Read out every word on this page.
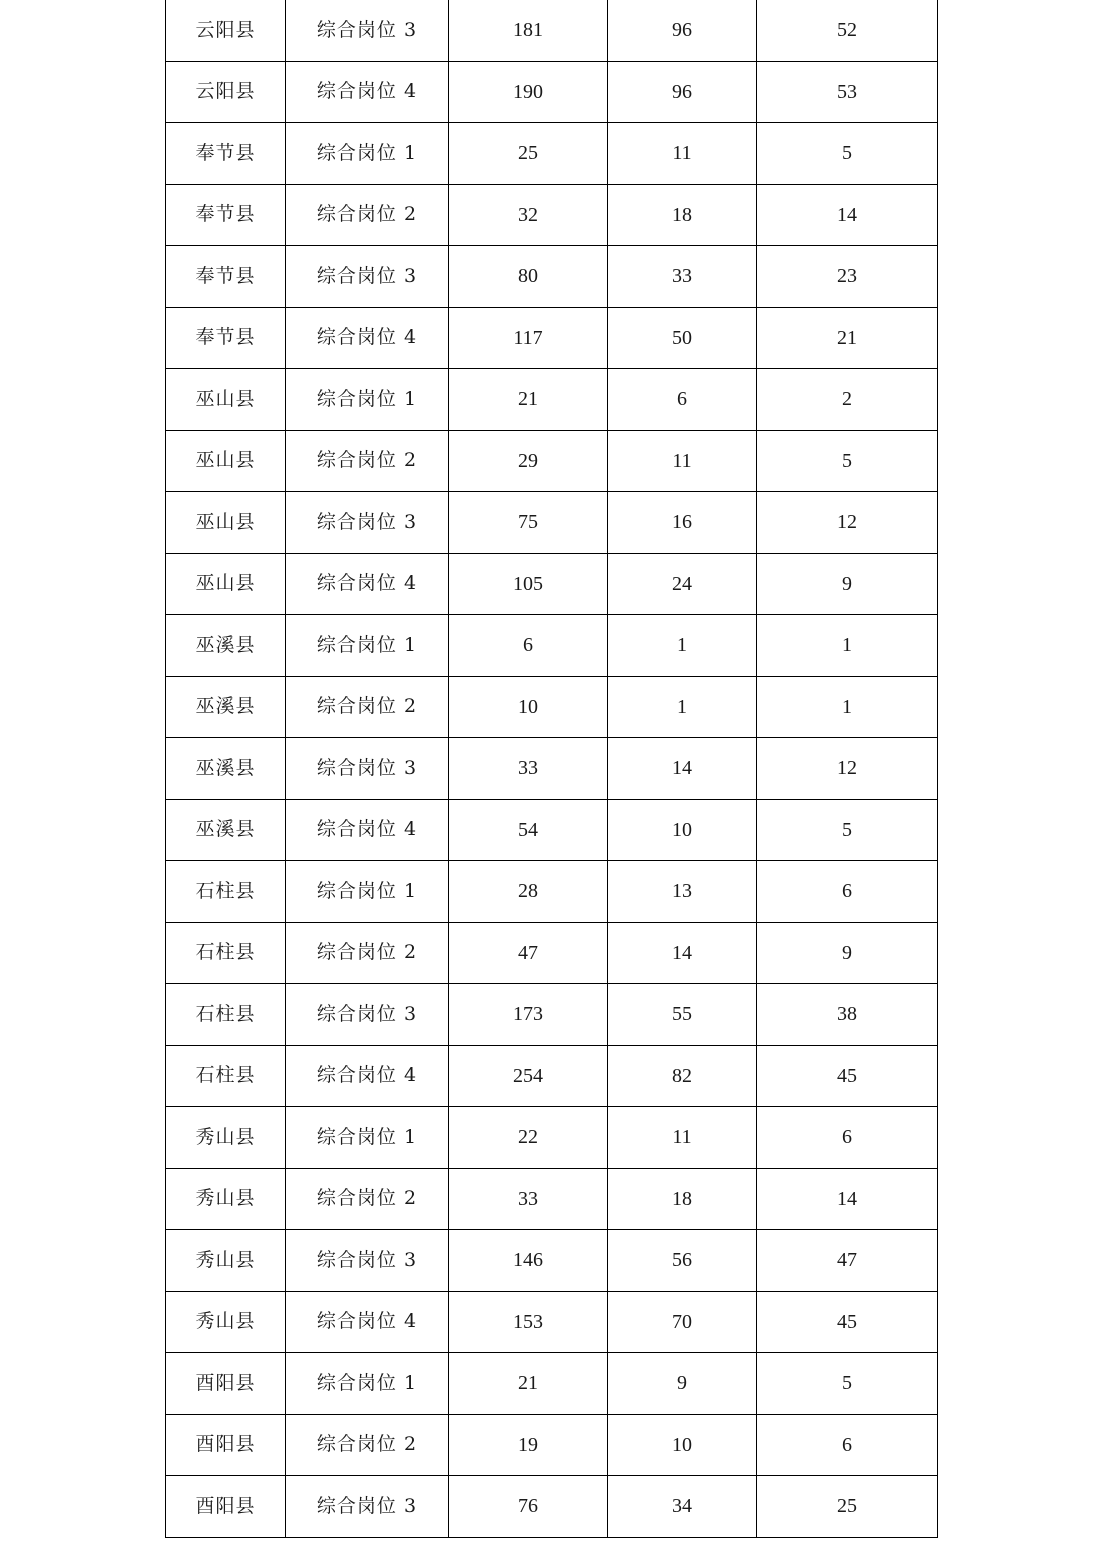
云阳县	综合岗位 3	181	96	52
云阳县	综合岗位 4	190	96	53
奉节县	综合岗位 1	25	11	5
奉节县	综合岗位 2	32	18	14
奉节县	综合岗位 3	80	33	23
奉节县	综合岗位 4	117	50	21
巫山县	综合岗位 1	21	6	2
巫山县	综合岗位 2	29	11	5
巫山县	综合岗位 3	75	16	12
巫山县	综合岗位 4	105	24	9
巫溪县	综合岗位 1	6	1	1
巫溪县	综合岗位 2	10	1	1
巫溪县	综合岗位 3	33	14	12
巫溪县	综合岗位 4	54	10	5
石柱县	综合岗位 1	28	13	6
石柱县	综合岗位 2	47	14	9
石柱县	综合岗位 3	173	55	38
石柱县	综合岗位 4	254	82	45
秀山县	综合岗位 1	22	11	6
秀山县	综合岗位 2	33	18	14
秀山县	综合岗位 3	146	56	47
秀山县	综合岗位 4	153	70	45
酉阳县	综合岗位 1	21	9	5
酉阳县	综合岗位 2	19	10	6
酉阳县	综合岗位 3	76	34	25
